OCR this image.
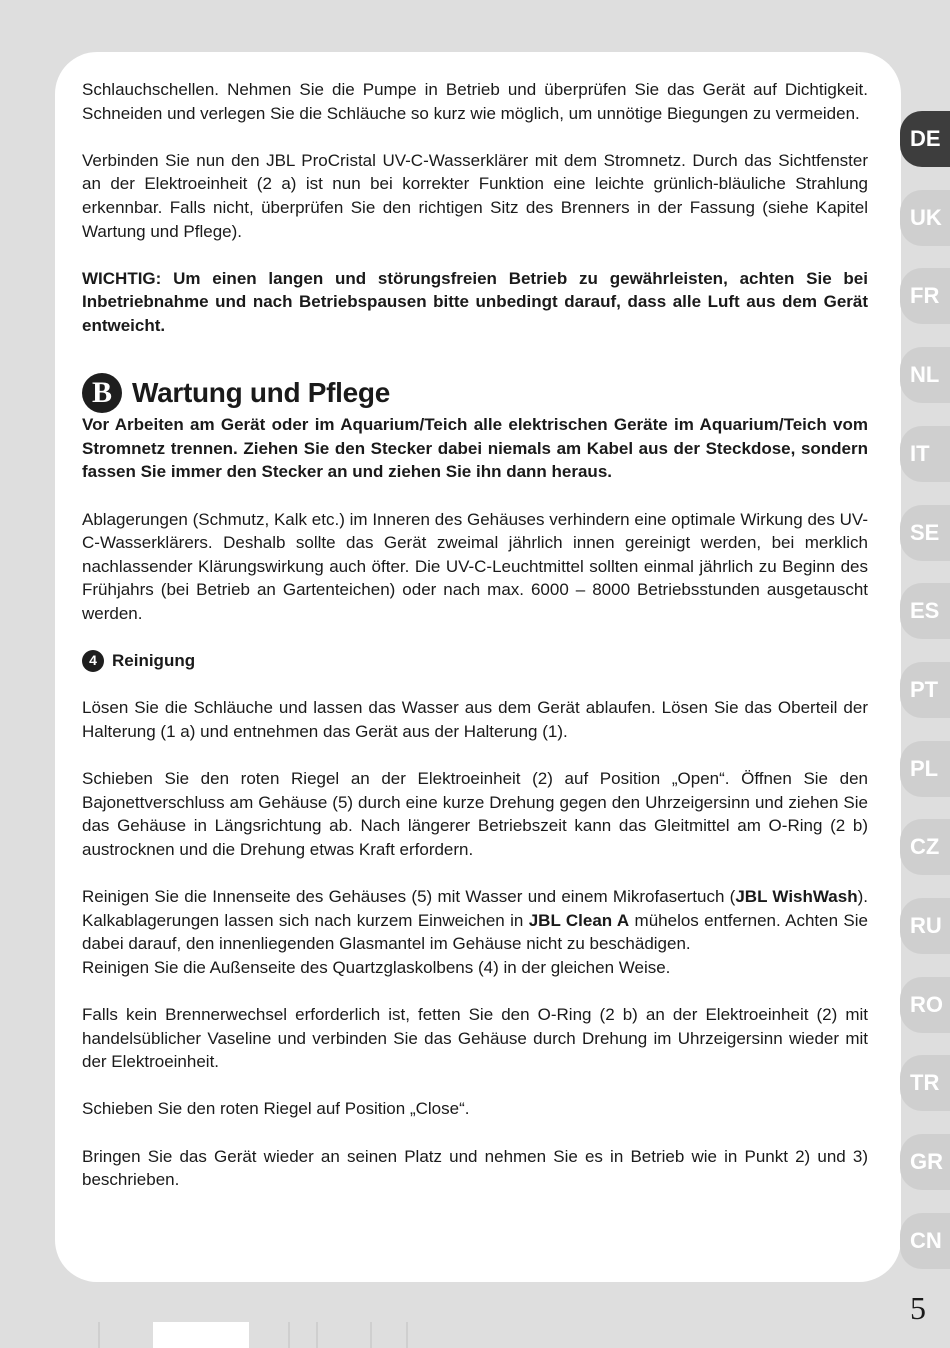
Schlauchschellen. Nehmen Sie die Pumpe in Betrieb und überprüfen Sie das Gerät auf Dichtigkeit. Schneiden und verlegen Sie die Schläuche so kurz wie möglich, um unnötige Biegungen zu vermeiden.

Verbinden Sie nun den JBL ProCristal UV-C-Wasserklärer mit dem Stromnetz. Durch das Sichtfenster an der Elektroeinheit (2 a) ist nun bei korrekter Funktion eine leichte grünlich-bläuliche Strahlung erkennbar. Falls nicht, überprüfen Sie den richtigen Sitz des Brenners in der Fassung (siehe Kapitel Wartung und Pflege).

WICHTIG: Um einen langen und störungsfreien Betrieb zu gewährleisten, achten Sie bei Inbetriebnahme und nach Betriebspausen bitte unbedingt darauf, dass alle Luft aus dem Gerät entweicht.

B Wartung und Pflege

Vor Arbeiten am Gerät oder im Aquarium/Teich alle elektrischen Geräte im Aquarium/Teich vom Stromnetz trennen. Ziehen Sie den Stecker dabei niemals am Kabel aus der Steckdose, sondern fassen Sie immer den Stecker an und ziehen Sie ihn dann heraus.

Ablagerungen (Schmutz, Kalk etc.) im Inneren des Gehäuses verhindern eine optimale Wirkung des UV-C-Wasserklärers. Deshalb sollte das Gerät zweimal jährlich innen gereinigt werden, bei merklich nachlassender Klärungswirkung auch öfter. Die UV-C-Leuchtmittel sollten einmal jährlich zu Beginn des Frühjahrs (bei Betrieb an Gartenteichen) oder nach max. 6000 – 8000 Betriebsstunden ausgetauscht werden.

4 Reinigung

Lösen Sie die Schläuche und lassen das Wasser aus dem Gerät ablaufen. Lösen Sie das Oberteil der Halterung (1 a) und entnehmen das Gerät aus der Halterung (1).

Schieben Sie den roten Riegel an der Elektroeinheit (2) auf Position „Open“. Öffnen Sie den Bajonettverschluss am Gehäuse (5) durch eine kurze Drehung gegen den Uhrzeigersinn und ziehen Sie das Gehäuse in Längsrichtung ab. Nach längerer Betriebszeit kann das Gleitmittel am O-Ring (2 b) austrocknen und die Drehung etwas Kraft erfordern.

Reinigen Sie die Innenseite des Gehäuses (5) mit Wasser und einem Mikrofasertuch (JBL WishWash). Kalkablagerungen lassen sich nach kurzem Einweichen in JBL Clean A mühelos entfernen. Achten Sie dabei darauf, den innenliegenden Glasmantel im Gehäuse nicht zu beschädigen.
Reinigen Sie die Außenseite des Quartzglaskolbens (4) in der gleichen Weise.

Falls kein Brennerwechsel erforderlich ist, fetten Sie den O-Ring (2 b) an der Elektroeinheit (2) mit handelsüblicher Vaseline und verbinden Sie das Gehäuse durch Drehung im Uhrzeigersinn wieder mit der Elektroeinheit.

Schieben Sie den roten Riegel auf Position „Close“.

Bringen Sie das Gerät wieder an seinen Platz und nehmen Sie es in Betrieb wie in Punkt 2) und 3) beschrieben.

DE
UK
FR
NL
IT
SE
ES
PT
PL
CZ
RU
RO
TR
GR
CN
5
